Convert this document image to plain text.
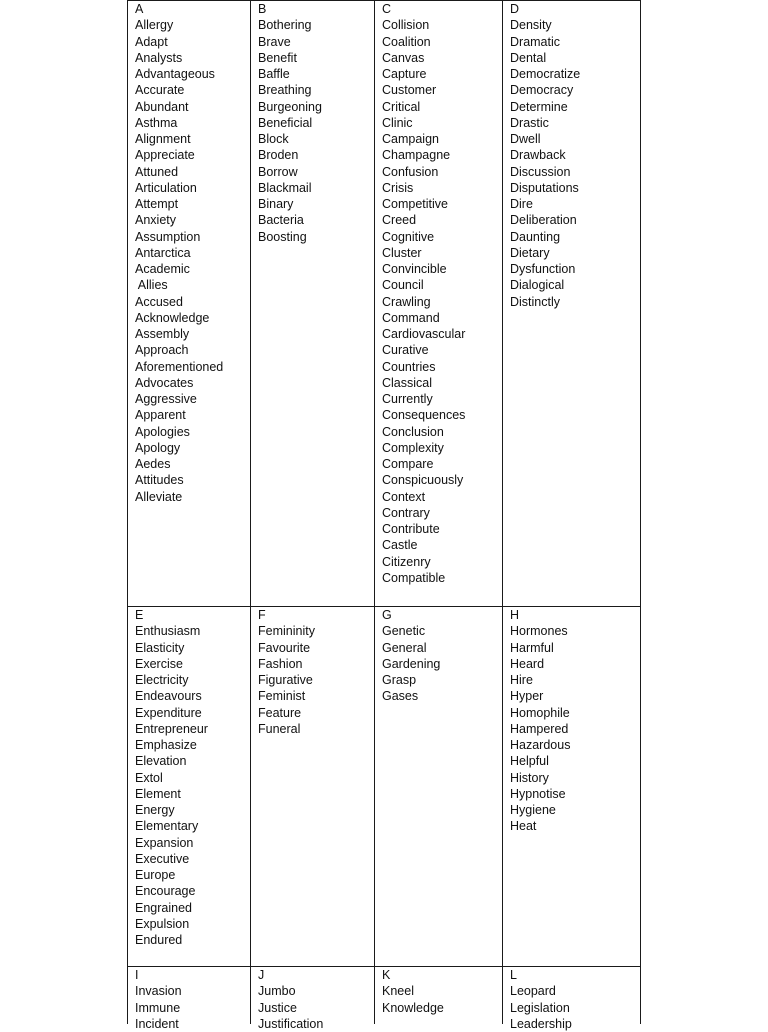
A
Allergy
Adapt
Analysts
Advantageous
Accurate
Abundant
Asthma
Alignment
Appreciate
Attuned
Articulation
Attempt
Anxiety
Assumption
Antarctica
Academic
Allies
Accused
Acknowledge
Assembly
Approach
Aforementioned
Advocates
Aggressive
Apparent
Apologies
Apology
Aedes
Attitudes
Alleviate
B
Bothering
Brave
Benefit
Baffle
Breathing
Burgeoning
Beneficial
Block
Broden
Borrow
Blackmail
Binary
Bacteria
Boosting
C
Collision
Coalition
Canvas
Capture
Customer
Critical
Clinic
Campaign
Champagne
Confusion
Crisis
Competitive
Creed
Cognitive
Cluster
Convincible
Council
Crawling
Command
Cardiovascular
Curative
Countries
Classical
Currently
Consequences
Conclusion
Complexity
Compare
Conspicuously
Context
Contrary
Contribute
Castle
Citizenry
Compatible
D
Density
Dramatic
Dental
Democratize
Democracy
Determine
Drastic
Dwell
Drawback
Discussion
Disputations
Dire
Deliberation
Daunting
Dietary
Dysfunction
Dialogical
Distinctly
E
Enthusiasm
Elasticity
Exercise
Electricity
Endeavours
Expenditure
Entrepreneur
Emphasize
Elevation
Extol
Element
Energy
Elementary
Expansion
Executive
Europe
Encourage
Engrained
Expulsion
Endured
F
Femininity
Favourite
Fashion
Figurative
Feminist
Feature
Funeral
G
Genetic
General
Gardening
Grasp
Gases
H
Hormones
Harmful
Heard
Hire
Hyper
Homophile
Hampered
Hazardous
Helpful
History
Hypnotise
Hygiene
Heat
I
Invasion
Immune
Incident
J
Jumbo
Justice
Justification
K
Kneel
Knowledge
L
Leopard
Legislation
Leadership
